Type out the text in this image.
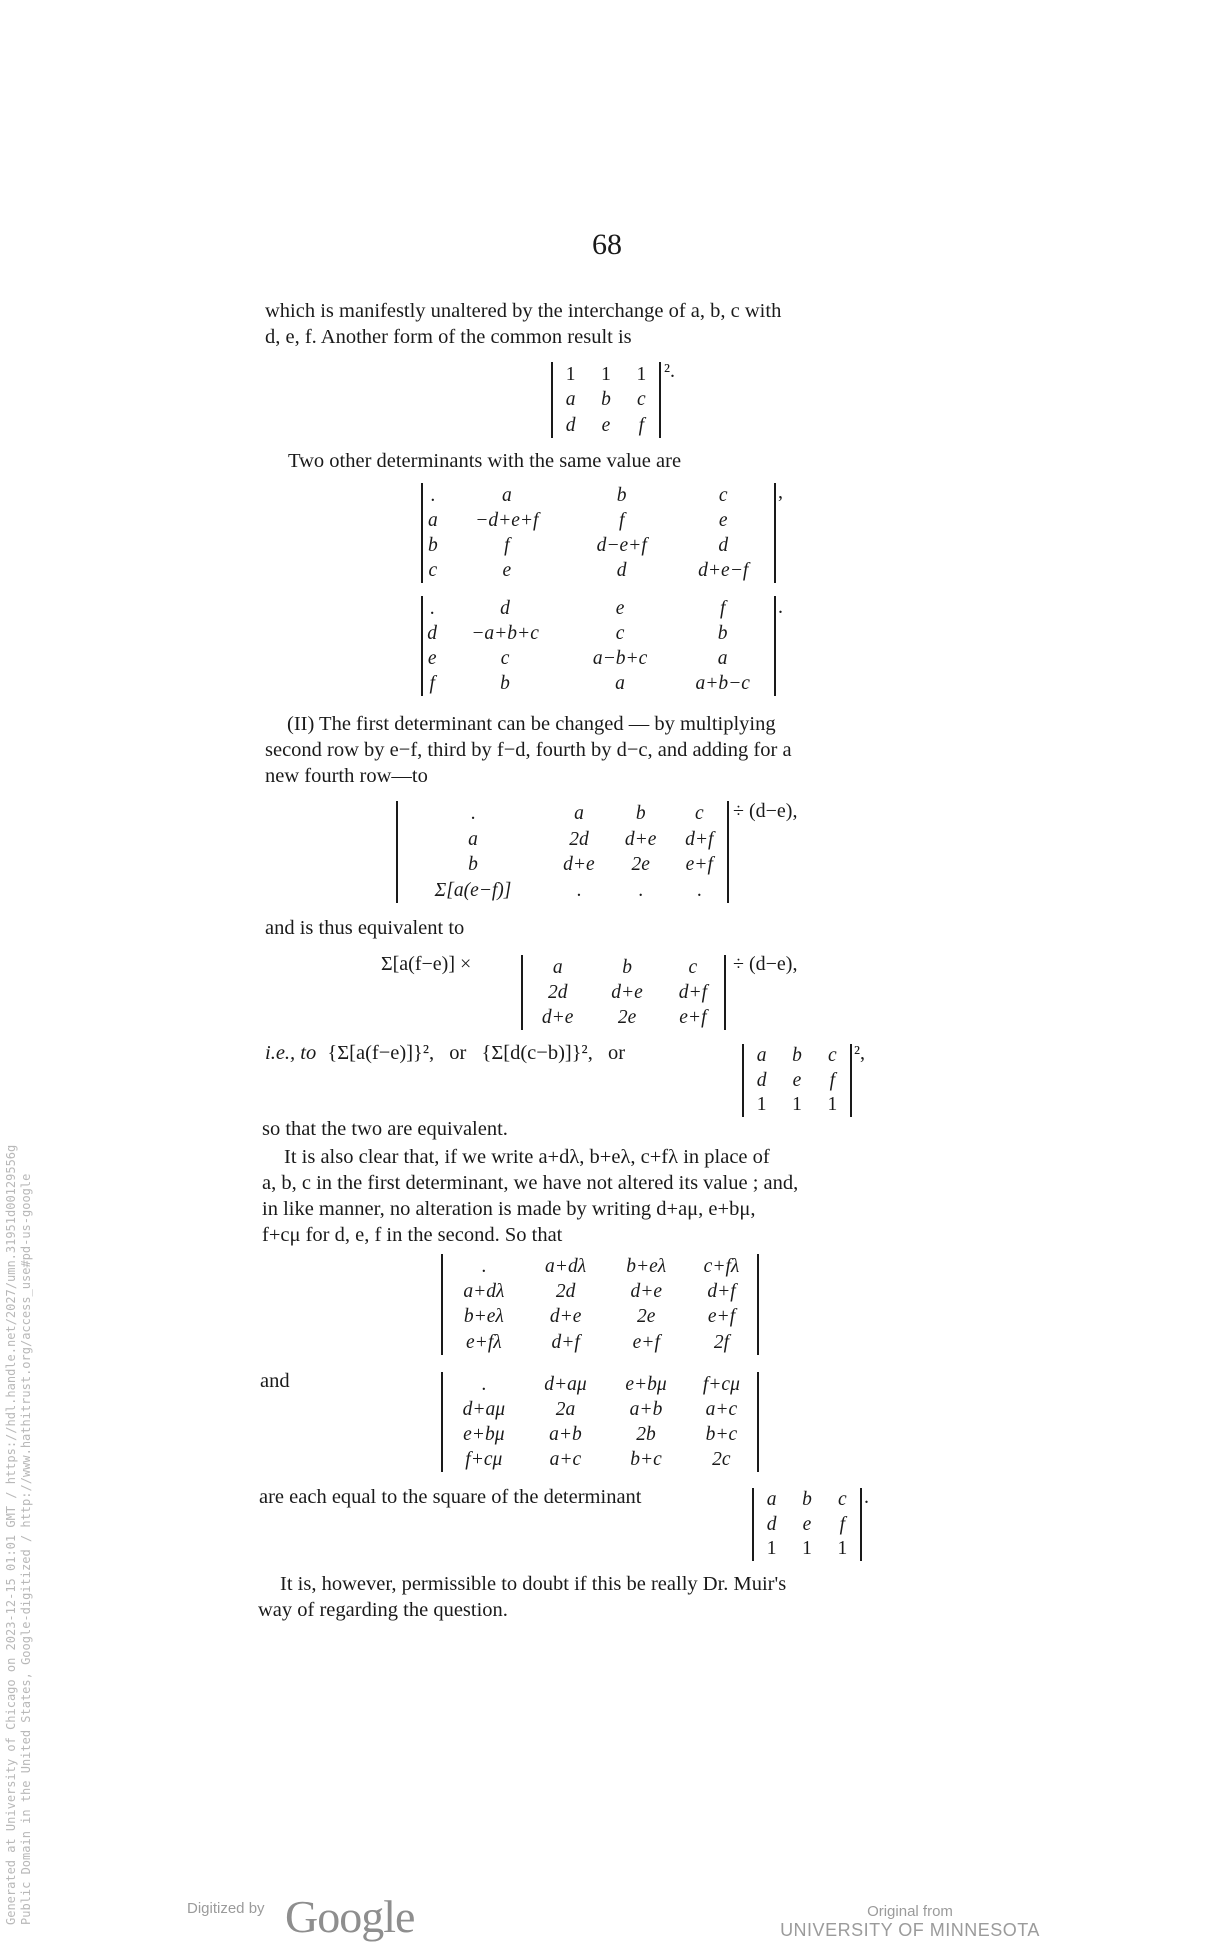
68
which is manifestly unaltered by the interchange of a, b, c with
d, e, f. Another form of the common result is
1	1	1
a	b	c
d	e	f
².
Two other determinants with the same value are
.	a	b	c
a	−d+e+f	f	e
b	f	d−e+f	d
c	e	d	d+e−f
,
.	d	e	f
d	−a+b+c	c	b
e	c	a−b+c	a
f	b	a	a+b−c
.
(II) The first determinant can be changed — by multiplying
second row by e−f, third by f−d, fourth by d−c, and adding for a
new fourth row—to
.	a	b	c
a	2d	d+e	d+f
b	d+e	2e	e+f
Σ[a(e−f)]	.	.	.
÷ (d−e),
and is thus equivalent to
Σ[a(f−e)] ×	a	b	c
2d	d+e	d+f
d+e	2e	e+f
÷ (d−e),
i.e., to {Σ[a(f−e)]}², or {Σ[d(c−b)]}², or	a	b	c
d	e	f
1	1	1
²,
so that the two are equivalent.
It is also clear that, if we write a+dλ, b+eλ, c+fλ in place of
a, b, c in the first determinant, we have not altered its value ; and,
in like manner, no alteration is made by writing d+aμ, e+bμ,
f+cμ for d, e, f in the second. So that
.	a+dλ	b+eλ	c+fλ
a+dλ	2d	d+e	d+f
b+eλ	d+e	2e	e+f
e+fλ	d+f	e+f	2f
and	.	d+aμ	e+bμ	f+cμ
d+aμ	2a	a+b	a+c
e+bμ	a+b	2b	b+c
f+cμ	a+c	b+c	2c
are each equal to the square of the determinant	a	b	c
d	e	f
1	1	1
.
It is, however, permissible to doubt if this be really Dr. Muir's
way of regarding the question.
Generated at University of Chicago on 2023-12-15 01:01 GMT / https://hdl.handle.net/2027/umn.31951d00129556g Public Domain in the United States, Google-digitized / http://www.hathitrust.org/access_use#pd-us-google	Digitized by Google	Original from
UNIVERSITY OF MINNESOTA
